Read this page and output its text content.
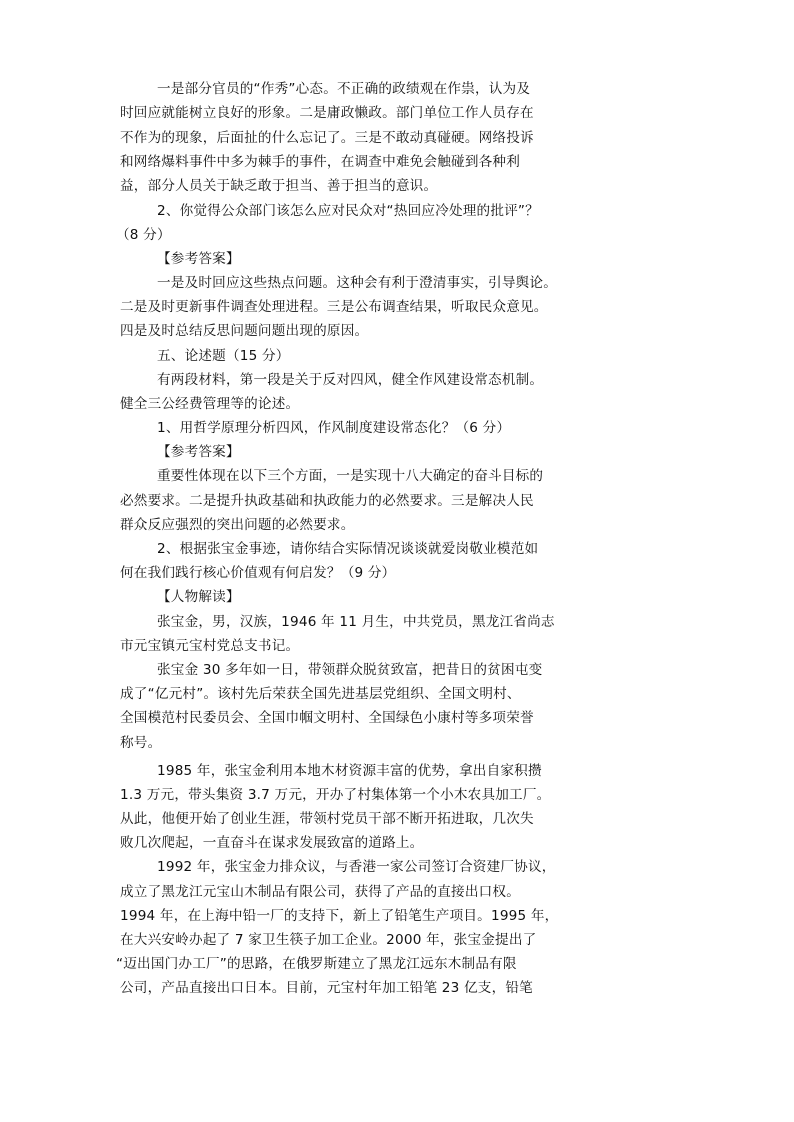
一是部分官员的“作秀”心态。不正确的政绩观在作祟，认为及
时回应就能树立良好的形象。二是庸政懒政。部门单位工作人员存在
不作为的现象，后面扯的什么忘记了。三是不敢动真碰硬。网络投诉
和网络爆料事件中多为棘手的事件，在调查中难免会触碰到各种利
益，部分人员关于缺乏敢于担当、善于担当的意识。
2、你觉得公众部门该怎么应对民众对“热回应冷处理的批评”？
（8 分）
【参考答案】
一是及时回应这些热点问题。这种会有利于澄清事实，引导舆论。
二是及时更新事件调查处理进程。三是公布调查结果，听取民众意见。
四是及时总结反思问题问题出现的原因。
五、论述题（15 分）
有两段材料，第一段是关于反对四风，健全作风建设常态机制。
健全三公经费管理等的论述。
1、用哲学原理分析四风，作风制度建设常态化？（6 分）
【参考答案】
重要性体现在以下三个方面，一是实现十八大确定的奋斗目标的
必然要求。二是提升执政基础和执政能力的必然要求。三是解决人民
群众反应强烈的突出问题的必然要求。
2、根据张宝金事迹，请你结合实际情况谈谈就爱岗敬业模范如
何在我们践行核心价值观有何启发？（9 分）
【人物解读】
张宝金，男，汉族，1946 年 11 月生，中共党员，黑龙江省尚志
市元宝镇元宝村党总支书记。
张宝金 30 多年如一日，带领群众脱贫致富，把昔日的贫困屯变
成了“亿元村”。该村先后荣获全国先进基层党组织、全国文明村、
全国模范村民委员会、全国巾帼文明村、全国绿色小康村等多项荣誉
称号。
1985 年，张宝金利用本地木材资源丰富的优势，拿出自家积攒
1.3 万元，带头集资 3.7 万元，开办了村集体第一个小木农具加工厂。
从此，他便开始了创业生涯，带领村党员干部不断开拓进取，几次失
败几次爬起，一直奋斗在谋求发展致富的道路上。
1992 年，张宝金力排众议，与香港一家公司签订合资建厂协议，
成立了黑龙江元宝山木制品有限公司，获得了产品的直接出口权。
1994 年，在上海中铅一厂的支持下，新上了铅笔生产项目。1995 年，
在大兴安岭办起了 7 家卫生筷子加工企业。2000 年，张宝金提出了
“迈出国门办工厂”的思路，在俄罗斯建立了黑龙江远东木制品有限
公司，产品直接出口日本。目前，元宝村年加工铅笔 23 亿支，铅笔
